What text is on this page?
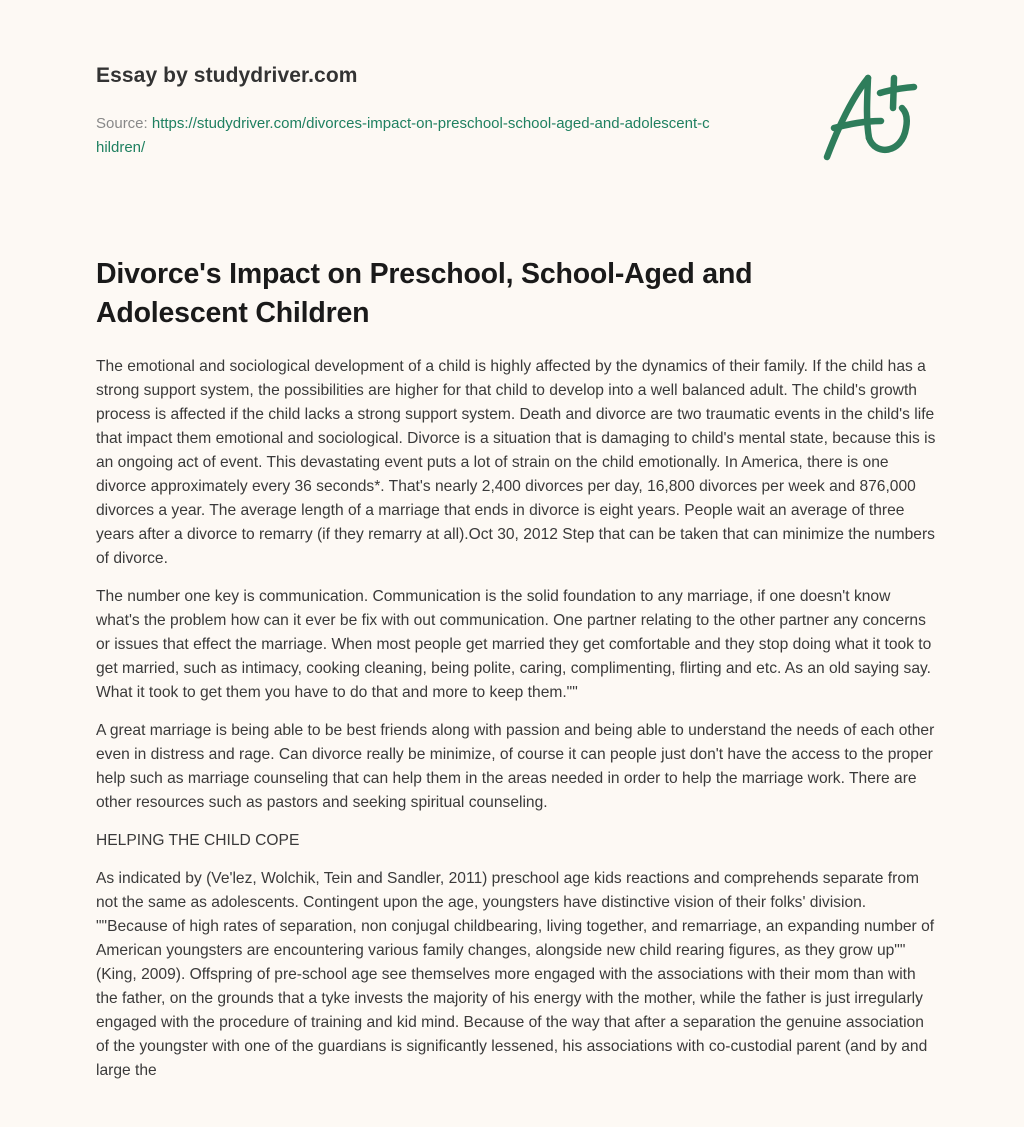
Essay by studydriver.com
Source: https://studydriver.com/divorces-impact-on-preschool-school-aged-and-adolescent-children/
Divorce's Impact on Preschool, School-Aged and Adolescent Children

The emotional and sociological development of a child is highly affected by the dynamics of their family. If the child has a strong support system, the possibilities are higher for that child to develop into a well balanced adult. The child's growth process is affected if the child lacks a strong support system. Death and divorce are two traumatic events in the child's life that impact them emotional and sociological. Divorce is a situation that is damaging to child's mental state, because this is an ongoing act of event. This devastating event puts a lot of strain on the child emotionally. In America, there is one divorce approximately every 36 seconds*. That's nearly 2,400 divorces per day, 16,800 divorces per week and 876,000 divorces a year. The average length of a marriage that ends in divorce is eight years. People wait an average of three years after a divorce to remarry (if they remarry at all).Oct 30, 2012 Step that can be taken that can minimize the numbers of divorce.

The number one key is communication. Communication is the solid foundation to any marriage, if one doesn't know what's the problem how can it ever be fix with out communication. One partner relating to the other partner any concerns or issues that effect the marriage. When most people get married they get comfortable and they stop doing what it took to get married, such as intimacy, cooking cleaning, being polite, caring, complimenting, flirting and etc. As an old saying say. What it took to get them you have to do that and more to keep them.""

A great marriage is being able to be best friends along with passion and being able to understand the needs of each other even in distress and rage. Can divorce really be minimize, of course it can people just don't have the access to the proper help such as marriage counseling that can help them in the areas needed in order to help the marriage work. There are other resources such as pastors and seeking spiritual counseling.

HELPING THE CHILD COPE

As indicated by (Ve'lez, Wolchik, Tein and Sandler, 2011) preschool age kids reactions and comprehends separate from not the same as adolescents. Contingent upon the age, youngsters have distinctive vision of their folks' division. ""Because of high rates of separation, non conjugal childbearing, living together, and remarriage, an expanding number of American youngsters are encountering various family changes, alongside new child rearing figures, as they grow up"" (King, 2009). Offspring of pre-school age see themselves more engaged with the associations with their mom than with the father, on the grounds that a tyke invests the majority of his energy with the mother, while the father is just irregularly engaged with the procedure of training and kid mind. Because of the way that after a separation the genuine association of the youngster with one of the guardians is significantly lessened, his associations with co-custodial parent (and by and large the
